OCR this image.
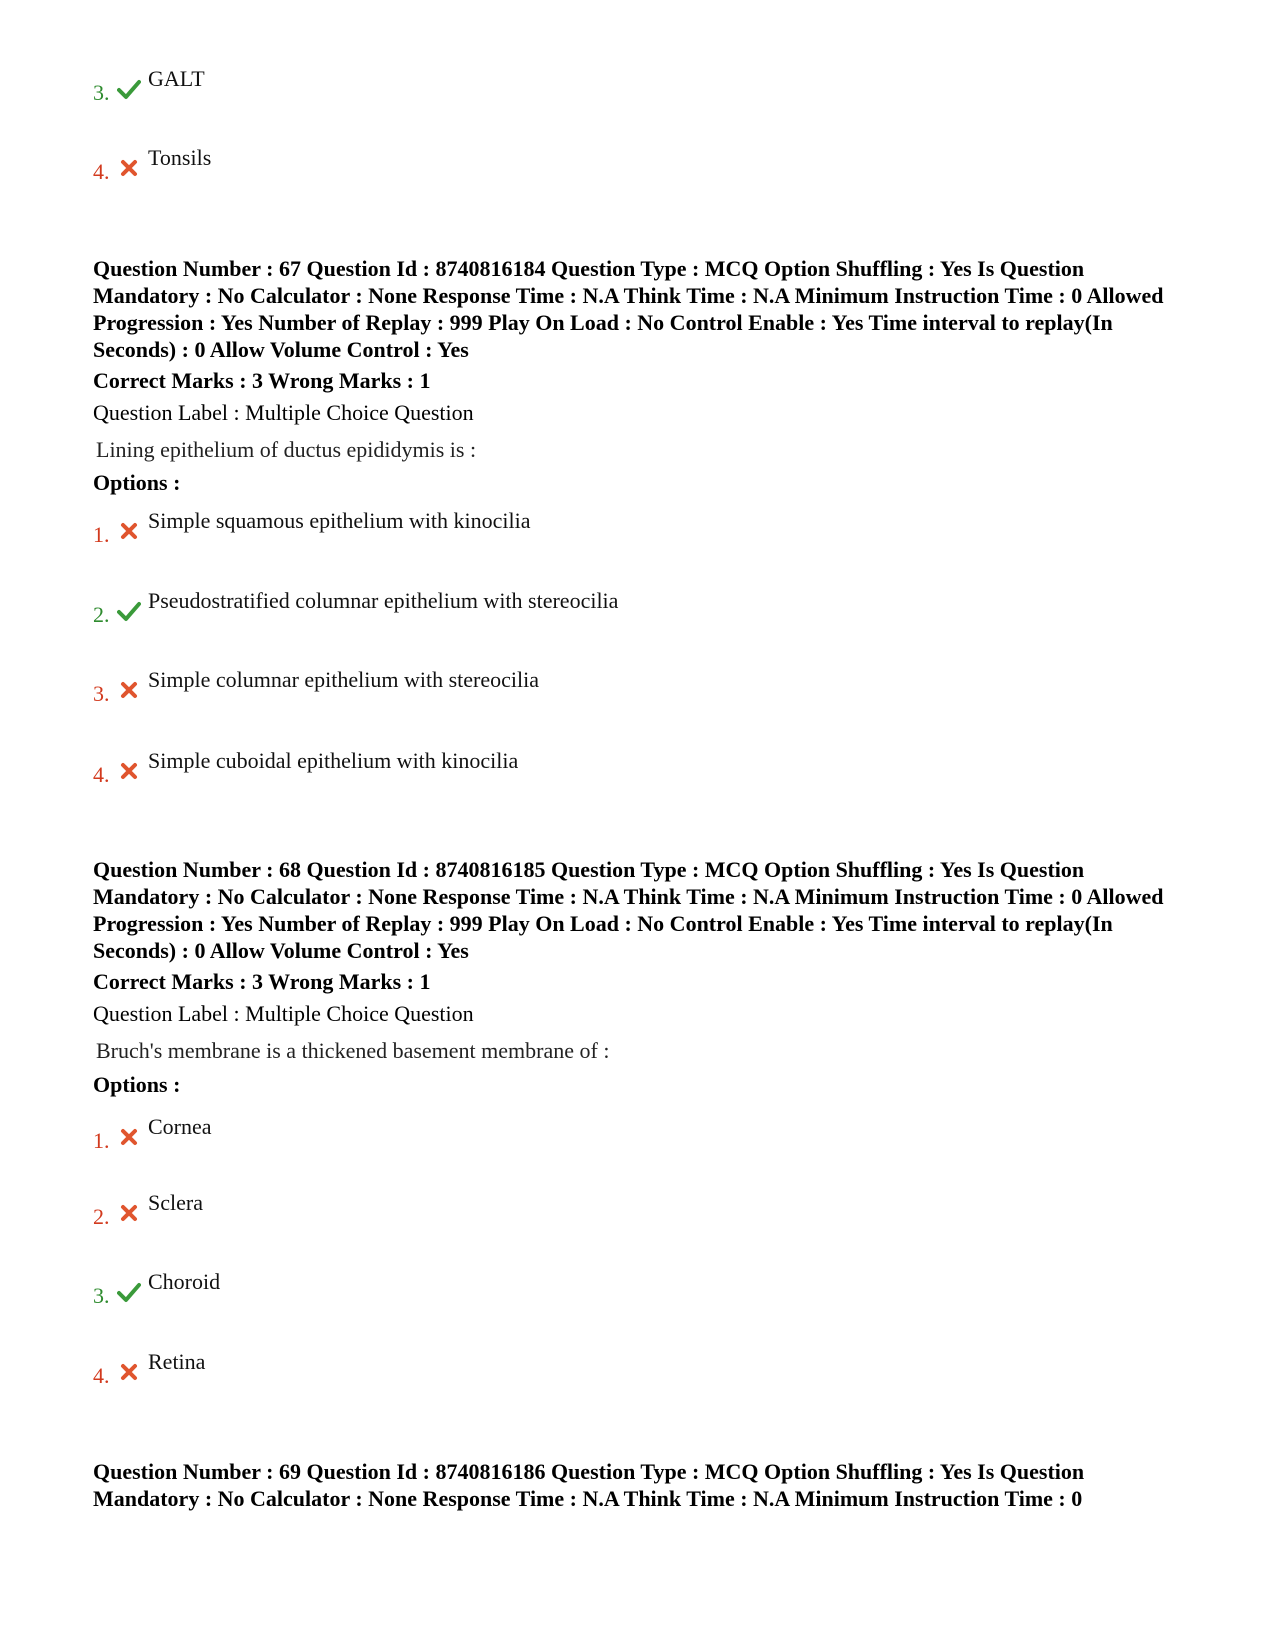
3.
GALT
4.
Tonsils
Question Number : 67 Question Id : 8740816184 Question Type : MCQ Option Shuffling : Yes Is Question Mandatory : No Calculator : None Response Time : N.A Think Time : N.A Minimum Instruction Time : 0 Allowed Progression : Yes Number of Replay : 999 Play On Load : No Control Enable : Yes Time interval to replay(In Seconds) : 0 Allow Volume Control : Yes
Correct Marks : 3 Wrong Marks : 1
Question Label : Multiple Choice Question
Lining epithelium of ductus epididymis is :
Options :
1.
Simple squamous epithelium with kinocilia
2.
Pseudostratified columnar epithelium with stereocilia
3.
Simple columnar epithelium with stereocilia
4.
Simple cuboidal epithelium with kinocilia
Question Number : 68 Question Id : 8740816185 Question Type : MCQ Option Shuffling : Yes Is Question Mandatory : No Calculator : None Response Time : N.A Think Time : N.A Minimum Instruction Time : 0 Allowed Progression : Yes Number of Replay : 999 Play On Load : No Control Enable : Yes Time interval to replay(In Seconds) : 0 Allow Volume Control : Yes
Correct Marks : 3 Wrong Marks : 1
Question Label : Multiple Choice Question
Bruch's membrane is a thickened basement membrane of :
Options :
1.
Cornea
2.
Sclera
3.
Choroid
4.
Retina
Question Number : 69 Question Id : 8740816186 Question Type : MCQ Option Shuffling : Yes Is Question Mandatory : No Calculator : None Response Time : N.A Think Time : N.A Minimum Instruction Time : 0
